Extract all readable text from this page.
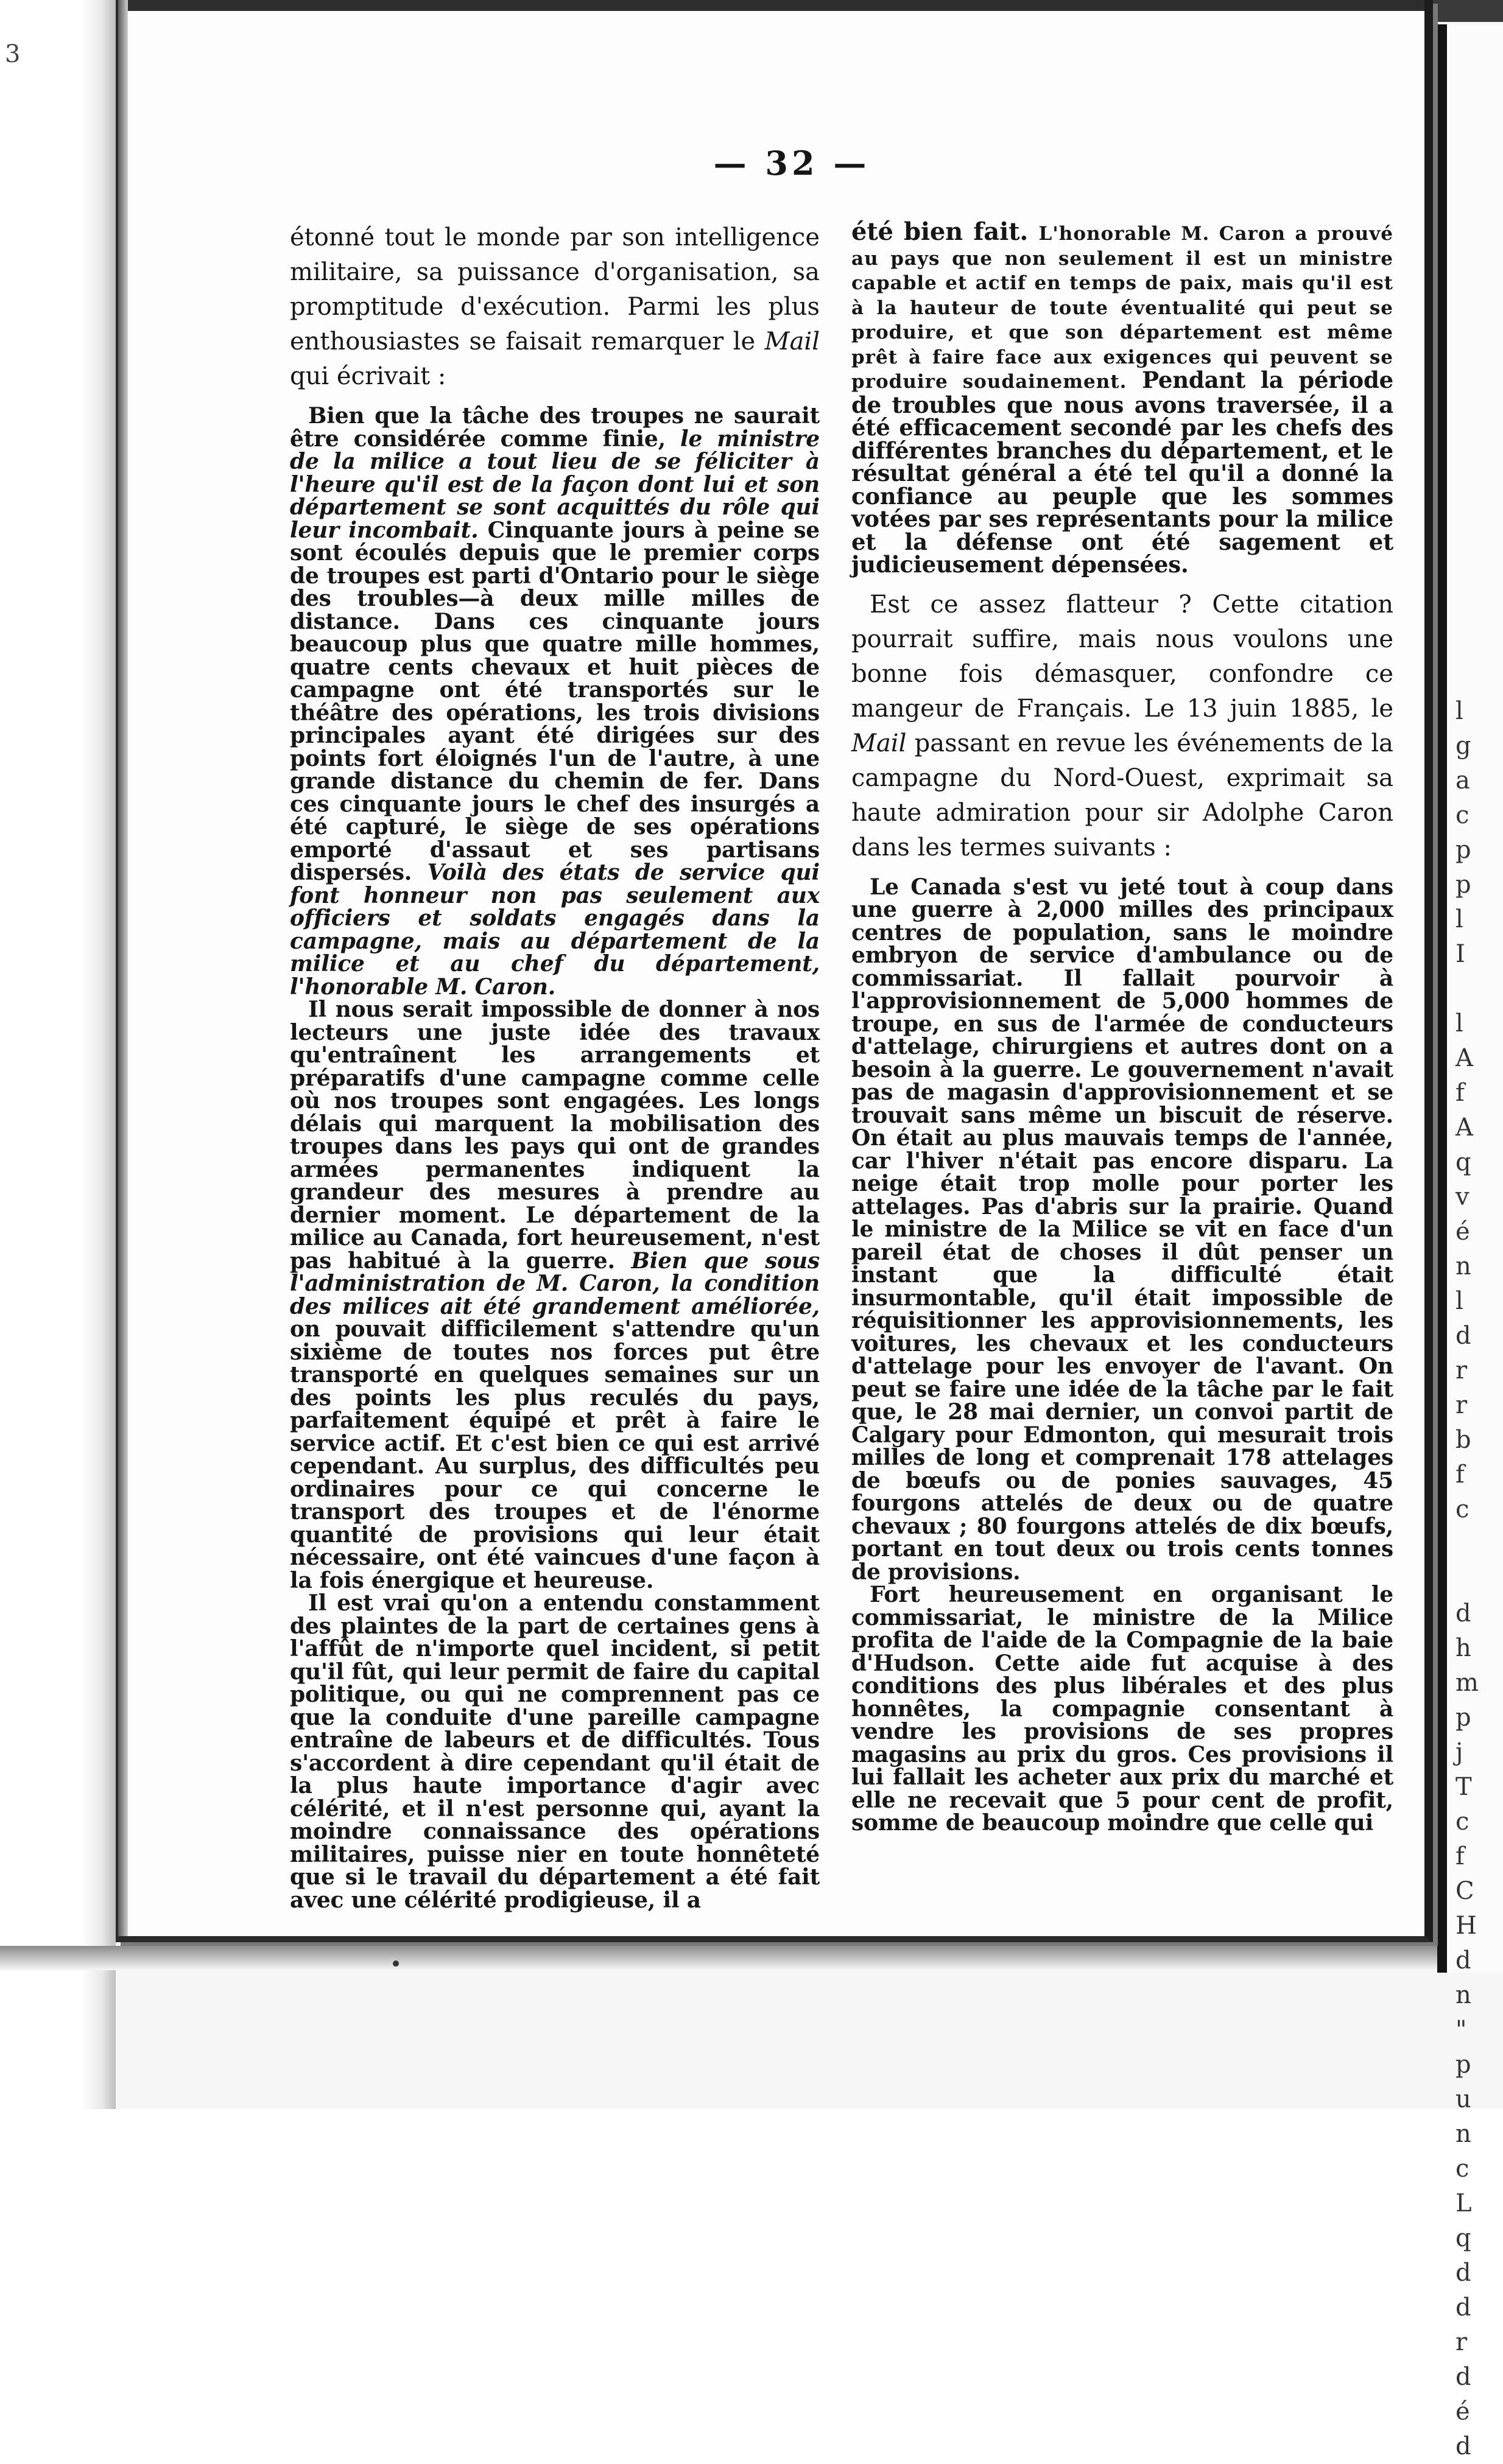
3
l
g
a
c
p
p
l
I

l
A
f
A
q
v
é
n
l
d
r
r
b
f
c

d
h
m
p
j
T
c
f
C
H
d
n
"
p
u
n
c
L
q
d
d
r
d
é
d
— 32 —

étonné tout le monde par son intelligence militaire, sa puissance d'organisation, sa promptitude d'exécution. Parmi les plus enthousiastes se faisait remarquer le Mail qui écrivait :

Bien que la tâche des troupes ne saurait être considérée comme finie, le ministre de la milice a tout lieu de se féliciter à l'heure qu'il est de la façon dont lui et son département se sont acquittés du rôle qui leur incombait. Cinquante jours à peine se sont écoulés depuis que le premier corps de troupes est parti d'Ontario pour le siège des troubles—à deux mille milles de distance. Dans ces cinquante jours beaucoup plus que quatre mille hommes, quatre cents chevaux et huit pièces de campagne ont été transportés sur le théâtre des opérations, les trois divisions principales ayant été dirigées sur des points fort éloignés l'un de l'autre, à une grande distance du chemin de fer. Dans ces cinquante jours le chef des insurgés a été capturé, le siège de ses opérations emporté d'assaut et ses partisans dispersés. Voilà des états de service qui font honneur non pas seulement aux officiers et soldats engagés dans la campagne, mais au département de la milice et au chef du département, l'honorable M. Caron.

Il nous serait impossible de donner à nos lecteurs une juste idée des travaux qu'entraînent les arrangements et préparatifs d'une campagne comme celle où nos troupes sont engagées. Les longs délais qui marquent la mobilisation des troupes dans les pays qui ont de grandes armées permanentes indiquent la grandeur des mesures à prendre au dernier moment. Le département de la milice au Canada, fort heureusement, n'est pas habitué à la guerre. Bien que sous l'administration de M. Caron, la condition des milices ait été grandement améliorée, on pouvait difficilement s'attendre qu'un sixième de toutes nos forces put être transporté en quelques semaines sur un des points les plus reculés du pays, parfaitement équipé et prêt à faire le service actif. Et c'est bien ce qui est arrivé cependant. Au surplus, des difficultés peu ordinaires pour ce qui concerne le transport des troupes et de l'énorme quantité de provisions qui leur était nécessaire, ont été vaincues d'une façon à la fois énergique et heureuse.

Il est vrai qu'on a entendu constamment des plaintes de la part de certaines gens à l'affût de n'importe quel incident, si petit qu'il fût, qui leur permit de faire du capital politique, ou qui ne comprennent pas ce que la conduite d'une pareille campagne entraîne de labeurs et de difficultés. Tous s'accordent à dire cependant qu'il était de la plus haute importance d'agir avec célérité, et il n'est personne qui, ayant la moindre connaissance des opérations militaires, puisse nier en toute honnêteté que si le travail du département a été fait avec une célérité prodigieuse, il a

été bien fait. L'honorable M. Caron a prouvé au pays que non seulement il est un ministre capable et actif en temps de paix, mais qu'il est à la hauteur de toute éventualité qui peut se produire, et que son département est même prêt à faire face aux exigences qui peuvent se produire soudainement. Pendant la période de troubles que nous avons traversée, il a été efficacement secondé par les chefs des différentes branches du département, et le résultat général a été tel qu'il a donné la confiance au peuple que les sommes votées par ses représentants pour la milice et la défense ont été sagement et judicieusement dépensées.

Est ce assez flatteur ? Cette citation pourrait suffire, mais nous voulons une bonne fois démasquer, confondre ce mangeur de Français. Le 13 juin 1885, le Mail passant en revue les événements de la campagne du Nord-Ouest, exprimait sa haute admiration pour sir Adolphe Caron dans les termes suivants :

Le Canada s'est vu jeté tout à coup dans une guerre à 2,000 milles des principaux centres de population, sans le moindre embryon de service d'ambulance ou de commissariat. Il fallait pourvoir à l'approvisionnement de 5,000 hommes de troupe, en sus de l'armée de conducteurs d'attelage, chirurgiens et autres dont on a besoin à la guerre. Le gouvernement n'avait pas de magasin d'approvisionnement et se trouvait sans même un biscuit de réserve. On était au plus mauvais temps de l'année, car l'hiver n'était pas encore disparu. La neige était trop molle pour porter les attelages. Pas d'abris sur la prairie. Quand le ministre de la Milice se vit en face d'un pareil état de choses il dût penser un instant que la difficulté était insurmontable, qu'il était impossible de réquisitionner les approvisionnements, les voitures, les chevaux et les conducteurs d'attelage pour les envoyer de l'avant. On peut se faire une idée de la tâche par le fait que, le 28 mai dernier, un convoi partit de Calgary pour Edmonton, qui mesurait trois milles de long et comprenait 178 attelages de bœufs ou de ponies sauvages, 45 fourgons attelés de deux ou de quatre chevaux ; 80 fourgons attelés de dix bœufs, portant en tout deux ou trois cents tonnes de provisions.

Fort heureusement en organisant le commissariat, le ministre de la Milice profita de l'aide de la Compagnie de la baie d'Hudson. Cette aide fut acquise à des conditions des plus libérales et des plus honnêtes, la compagnie consentant à vendre les provisions de ses propres magasins au prix du gros. Ces provisions il lui fallait les acheter aux prix du marché et elle ne recevait que 5 pour cent de profit, somme de beaucoup moindre que celle qui
